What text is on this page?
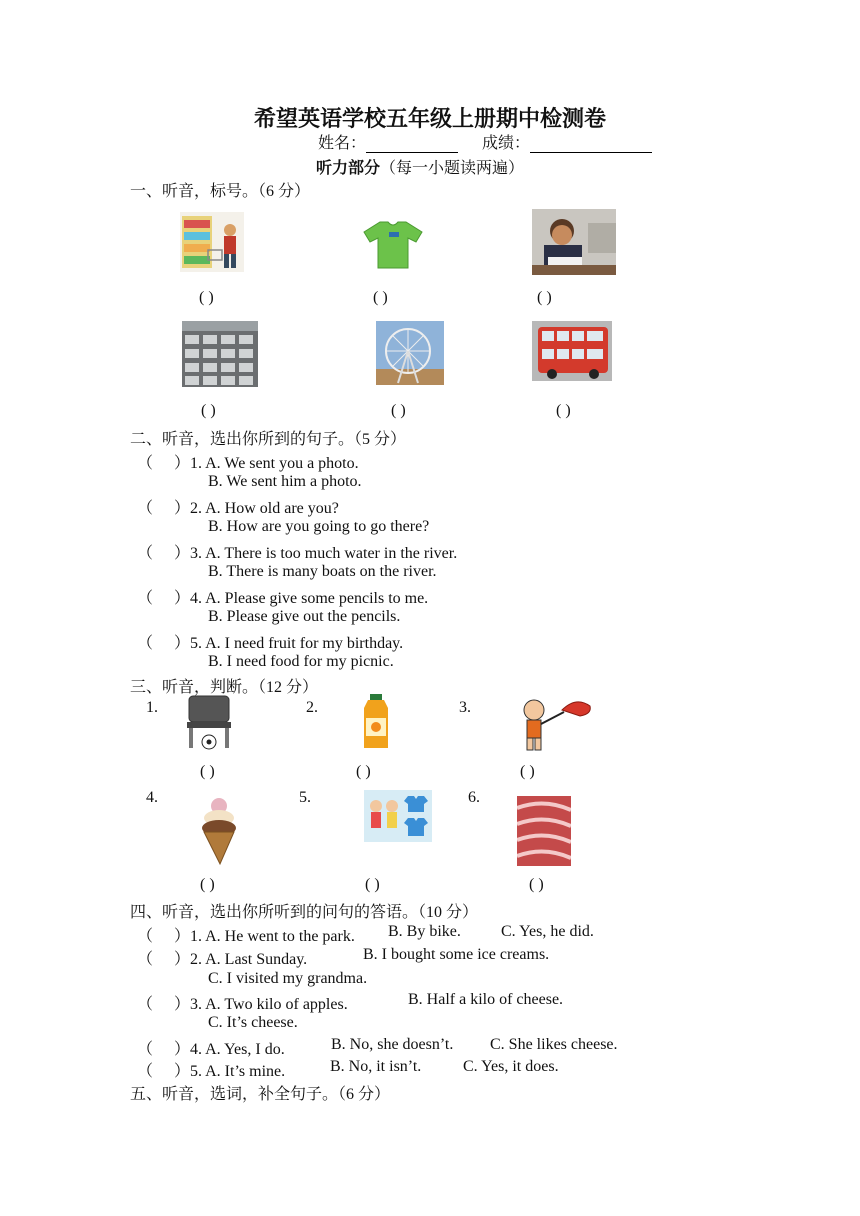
希望英语学校五年级上册期中检测卷
姓名：	成绩：
听力部分（每一小题读两遍）
一、听音，标号。（6 分）
( )	( )	( )
( )	( )	( )
二、听音，选出你所到的句子。（5 分）
（ ）1. A. We sent you a photo.
B. We sent him a photo.
（ ）2. A. How old are you?
B. How are you going to go there?
（ ）3. A. There is too much water in the river.
B. There is many boats on the river.
（ ）4. A. Please give some pencils to me.
B. Please give out the pencils.
（ ）5. A. I need fruit for my birthday.
B. I need food for my picnic.
三、听音，判断。（12 分）
1.	2.	3.
( )	( )	( )
4.	5.	6.
( )	( )	( )
四、听音，选出你所听到的问句的答语。（10 分）
（ ）1. A. He went to the park. B. By bike.	C. Yes, he did.
（ ）2. A. Last Sunday.	B. I bought some ice creams.
C. I visited my grandma.
（ ）3. A. Two kilo of apples.	B. Half a kilo of cheese.
C. It’s cheese.
（ ）4. A. Yes, I do.	B. No, she doesn’t. C. She likes cheese.
（ ）5. A. It’s mine.	B. No, it isn’t.	C. Yes, it does.
五、听音，选词，补全句子。（6 分）
